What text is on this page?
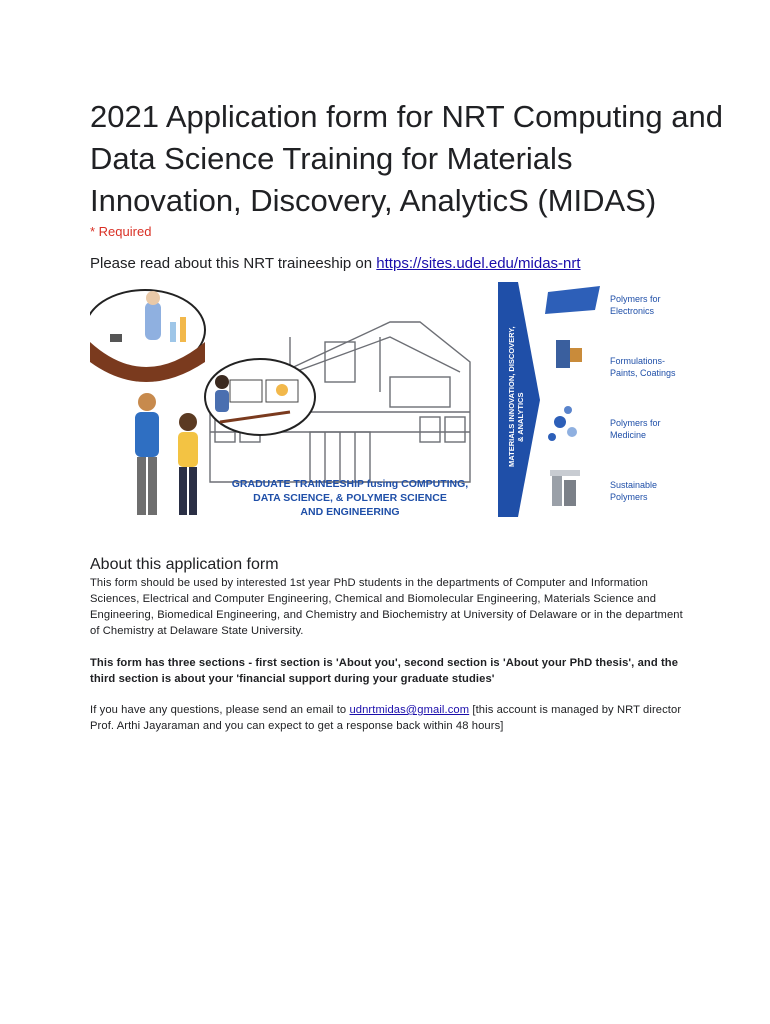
2021 Application form for NRT Computing and Data Science Training for Materials Innovation, Discovery, AnalyticS (MIDAS)
* Required
Please read about this NRT traineeship on https://sites.udel.edu/midas-nrt
GRADUATE TRAINEESHIP fusing COMPUTING,
DATA SCIENCE, & POLYMER SCIENCE
AND ENGINEERING
MATERIALS INNOVATION, DISCOVERY, & ANALYTICS
Polymers for
Electronics
Formulations-
Paints, Coatings
Polymers for
Medicine
Sustainable
Polymers
About this application form
This form should be used by interested 1st year PhD students in the departments of Computer and Information Sciences, Electrical and Computer Engineering, Chemical and Biomolecular Engineering, Materials Science and Engineering, Biomedical Engineering, and Chemistry and Biochemistry at University of Delaware or in the department of Chemistry at Delaware State University.
This form has three sections - first section is 'About you', second section is 'About your PhD thesis', and the third section is about your 'financial support during your graduate studies'
If you have any questions, please send an email to udnrtmidas@gmail.com [this account is managed by NRT director Prof. Arthi Jayaraman and you can expect to get a response back within 48 hours]
